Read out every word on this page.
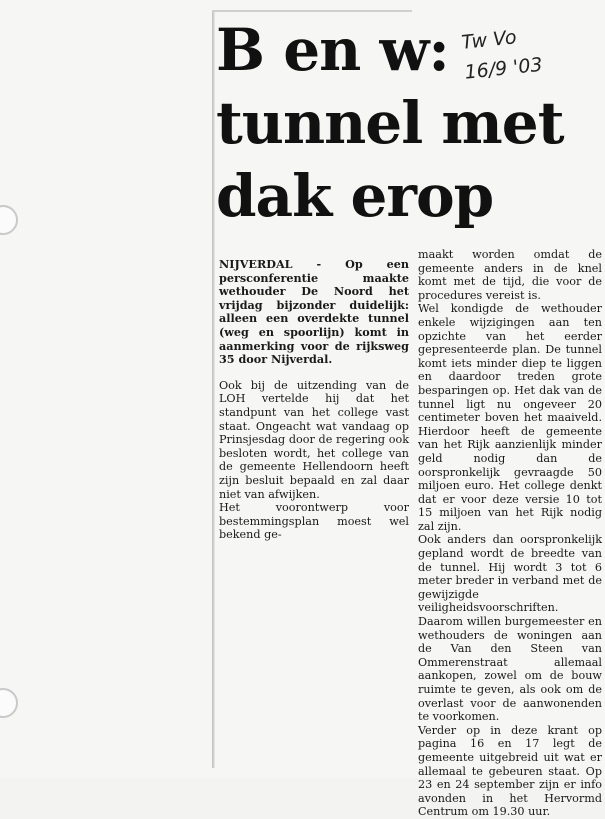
B en w:
tunnel met
dak erop
Tw Vo
16/9 '03

NIJVERDAL - Op een persconferentie maakte wethouder De Noord het vrijdag bijzonder duidelijk: alleen een overdekte tunnel (weg en spoorlijn) komt in aanmerking voor de rijksweg 35 door Nijverdal.

Ook bij de uitzending van de LOH vertelde hij dat het standpunt van het college vast staat. Ongeacht wat vandaag op Prinsjesdag door de regering ook besloten wordt, het college van de gemeente Hellendoorn heeft zijn besluit bepaald en zal daar niet van afwijken.

Het voorontwerp voor bestemmingsplan moest wel bekend ge-

maakt worden omdat de gemeente anders in de knel komt met de tijd, die voor de procedures vereist is.

Wel kondigde de wethouder enkele wijzigingen aan ten opzichte van het eerder gepresenteerde plan. De tunnel komt iets minder diep te liggen en daardoor treden grote besparingen op. Het dak van de tunnel ligt nu ongeveer 20 centimeter boven het maaiveld. Hierdoor heeft de gemeente van het Rijk aanzienlijk minder geld nodig dan de oorspronkelijk gevraagde 50 miljoen euro. Het college denkt dat er voor deze versie 10 tot 15 miljoen van het Rijk nodig zal zijn.

Ook anders dan oorspronkelijk gepland wordt de breedte van de tunnel. Hij wordt 3 tot 6 meter breder in verband met de gewijzigde veiligheidsvoorschriften. Daarom willen burgemeester en wethouders de woningen aan de Van den Steen van Ommerenstraat allemaal aankopen, zowel om de bouw ruimte te geven, als ook om de overlast voor de aanwonenden te voorkomen.

Verder op in deze krant op pagina 16 en 17 legt de gemeente uitgebreid uit wat er allemaal te gebeuren staat. Op 23 en 24 september zijn er info avonden in het Hervormd Centrum om 19.30 uur.
